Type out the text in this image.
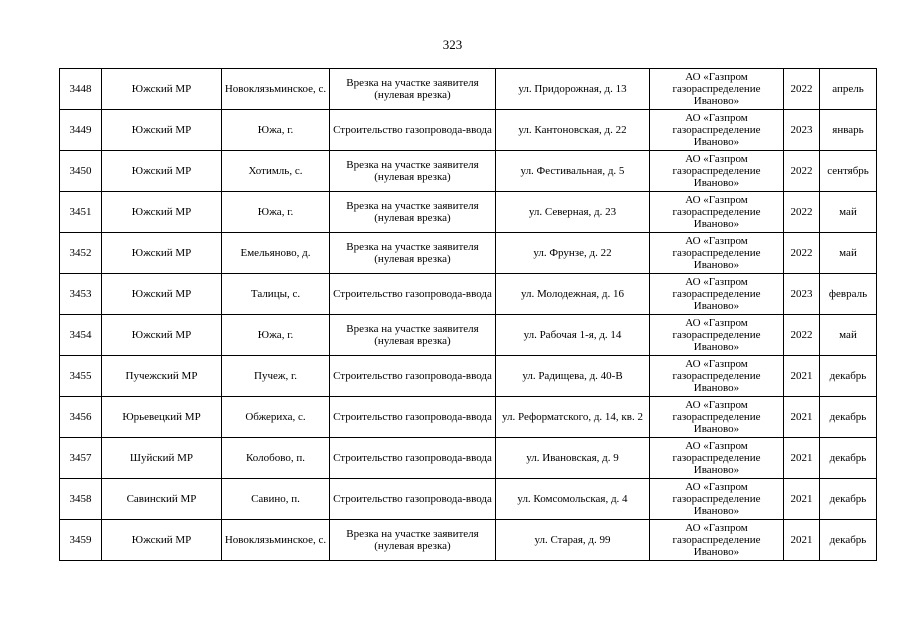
323
3448	Южский МР	Новоклязьминское, с.	Врезка на участке заявителя (нулевая врезка)	ул. Придорожная, д. 13	АО «Газпром газораспределение Иваново»	2022	апрель
3449	Южский МР	Южа, г.	Строительство газопровода-ввода	ул. Кантоновская, д. 22	АО «Газпром газораспределение Иваново»	2023	январь
3450	Южский МР	Хотимль, с.	Врезка на участке заявителя (нулевая врезка)	ул. Фестивальная, д. 5	АО «Газпром газораспределение Иваново»	2022	сентябрь
3451	Южский МР	Южа, г.	Врезка на участке заявителя (нулевая врезка)	ул. Северная, д. 23	АО «Газпром газораспределение Иваново»	2022	май
3452	Южский МР	Емельяново, д.	Врезка на участке заявителя (нулевая врезка)	ул. Фрунзе, д. 22	АО «Газпром газораспределение Иваново»	2022	май
3453	Южский МР	Талицы, с.	Строительство газопровода-ввода	ул. Молодежная, д. 16	АО «Газпром газораспределение Иваново»	2023	февраль
3454	Южский МР	Южа, г.	Врезка на участке заявителя (нулевая врезка)	ул. Рабочая 1-я, д. 14	АО «Газпром газораспределение Иваново»	2022	май
3455	Пучежский МР	Пучеж, г.	Строительство газопровода-ввода	ул. Радищева, д. 40-В	АО «Газпром газораспределение Иваново»	2021	декабрь
3456	Юрьевецкий МР	Обжериха, с.	Строительство газопровода-ввода	ул. Реформатского, д. 14, кв. 2	АО «Газпром газораспределение Иваново»	2021	декабрь
3457	Шуйский МР	Колобово, п.	Строительство газопровода-ввода	ул. Ивановская, д. 9	АО «Газпром газораспределение Иваново»	2021	декабрь
3458	Савинский МР	Савино, п.	Строительство газопровода-ввода	ул. Комсомольская, д. 4	АО «Газпром газораспределение Иваново»	2021	декабрь
3459	Южский МР	Новоклязьминское, с.	Врезка на участке заявителя (нулевая врезка)	ул. Старая, д. 99	АО «Газпром газораспределение Иваново»	2021	декабрь
